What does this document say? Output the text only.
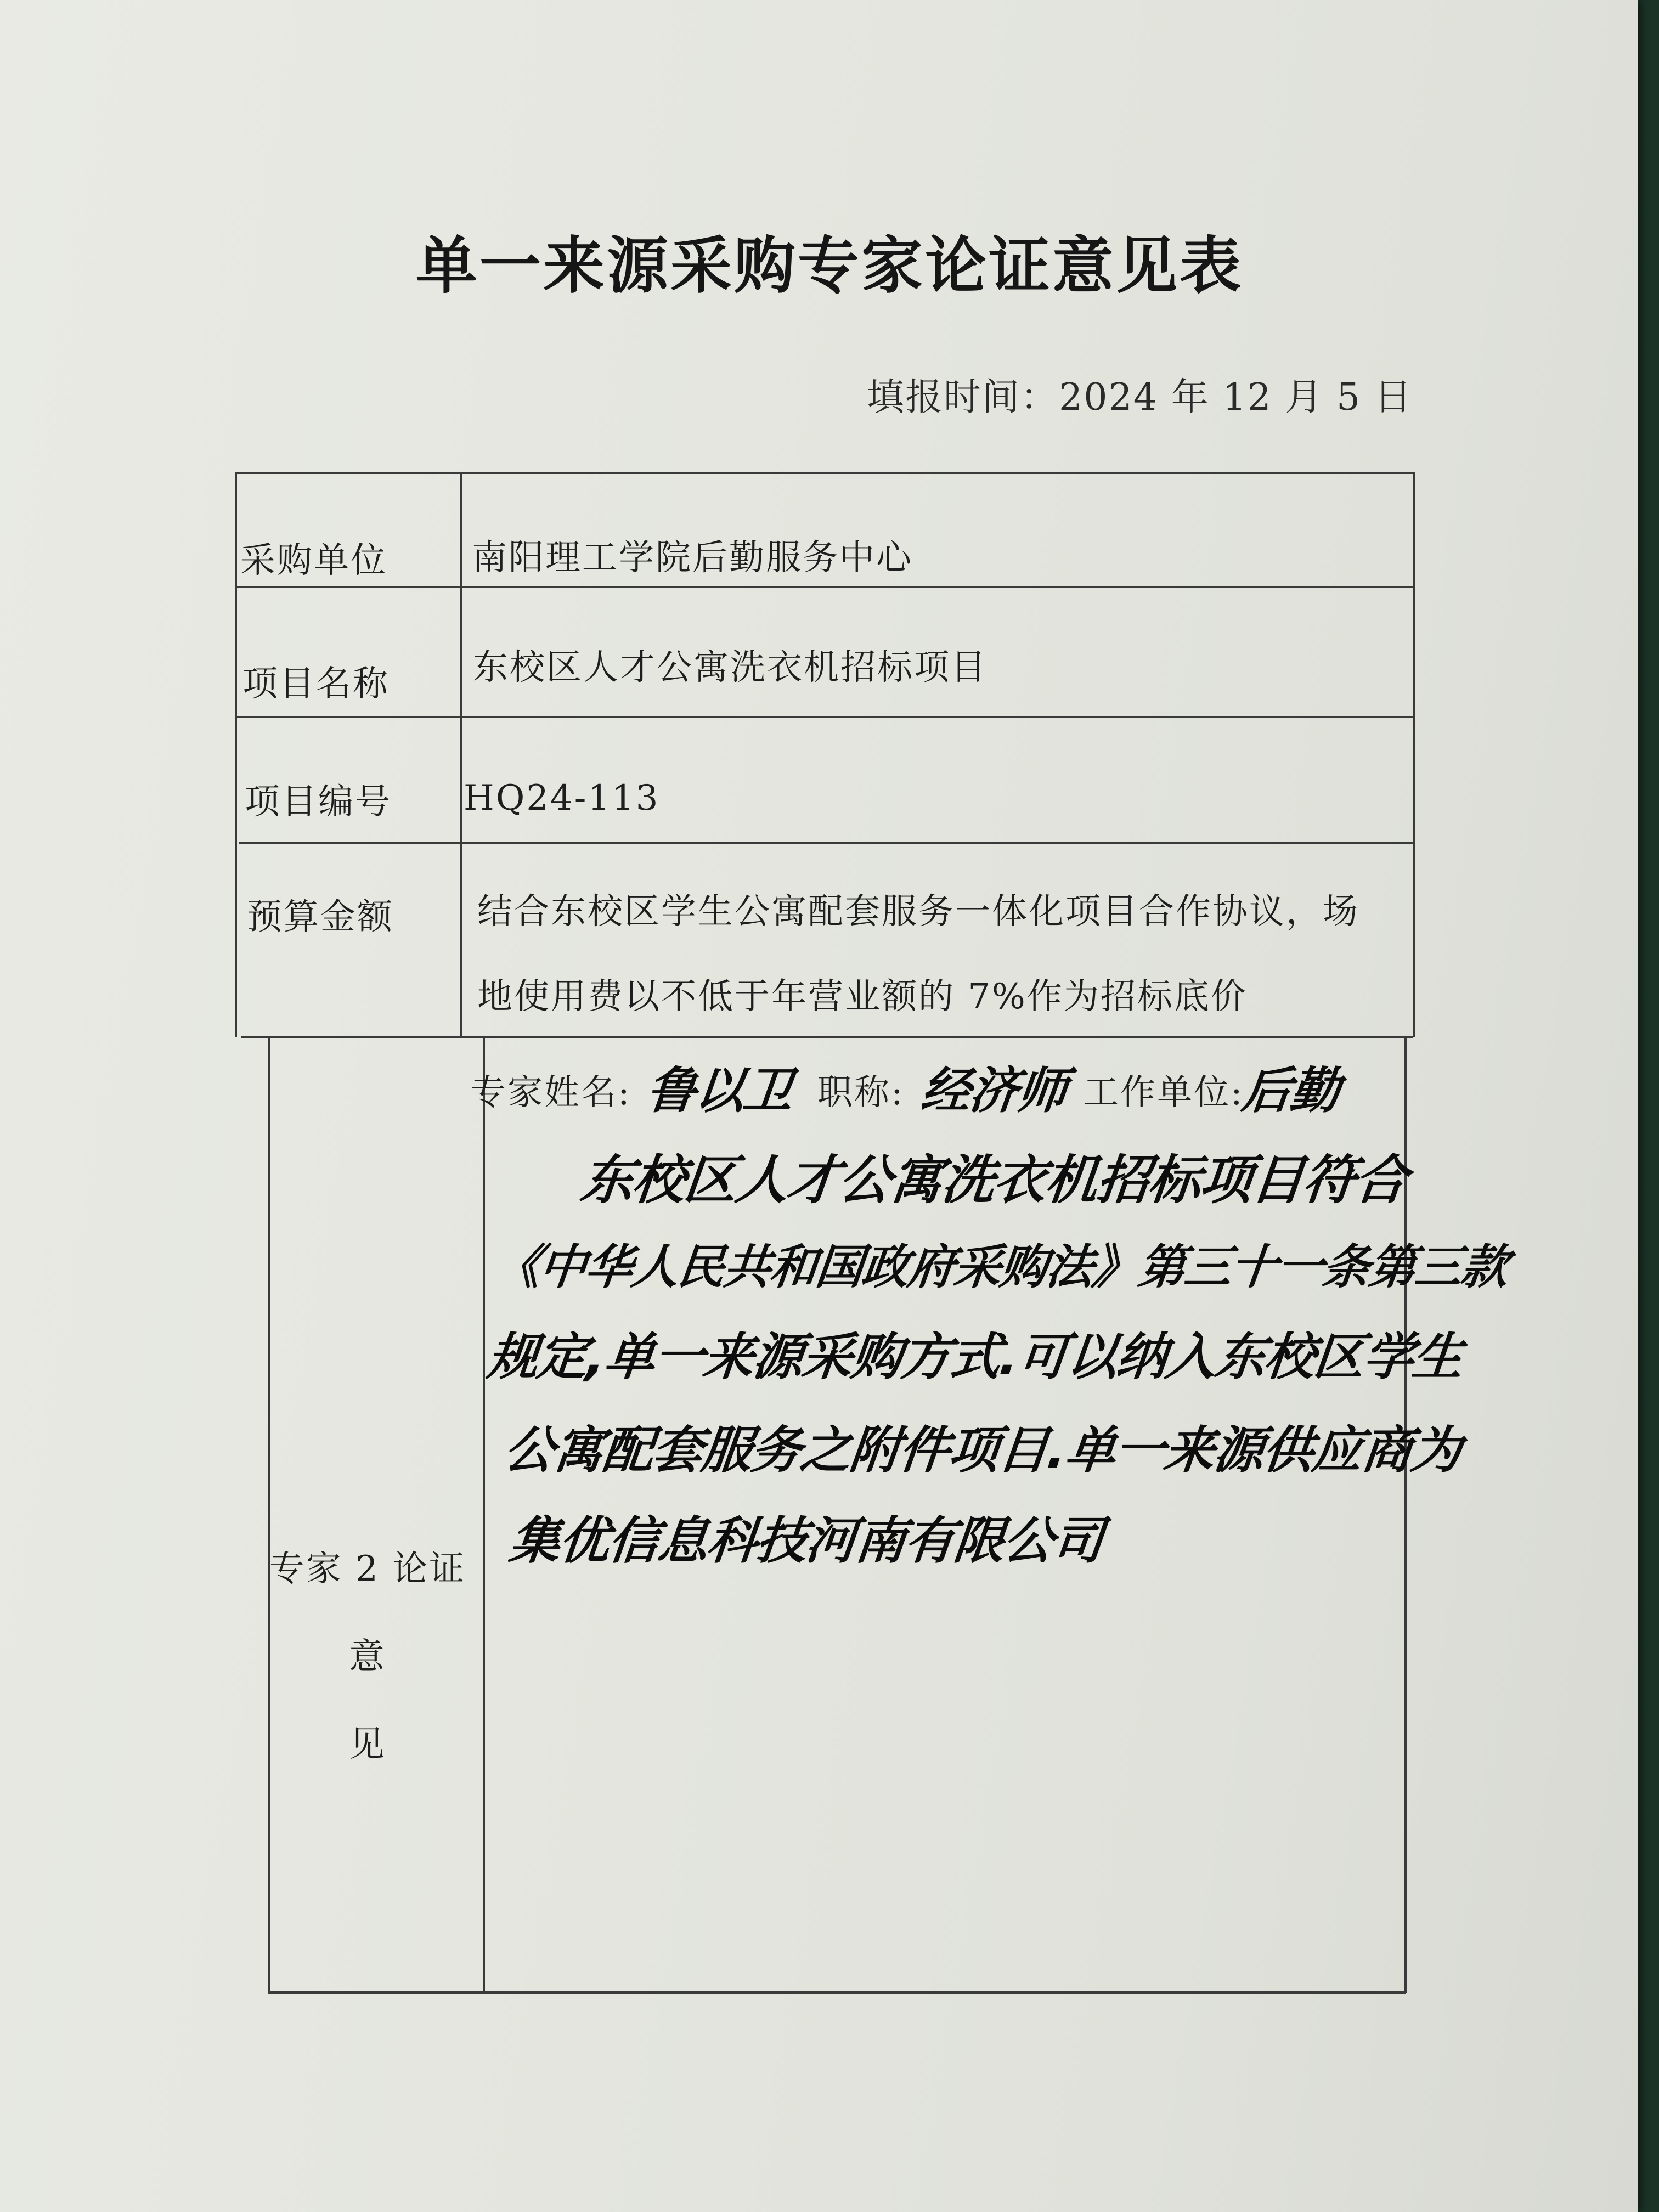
单一来源采购专家论证意见表
填报时间：2024 年 12 月 5 日
采购单位 南阳理工学院后勤服务中心
项目名称 东校区人才公寓洗衣机招标项目
项目编号 HQ24-113
预算金额 结合东校区学生公寓配套服务一体化项目合作协议，场
地使用费以不低于年营业额的 7%作为招标底价
专家 2 论证意
见
专家姓名: 鲁以卫 职称: 经济师 工作单位:
后勤
东校区人才公寓洗衣机招标项目符合
《中华人民共和国政府采购法》第三十一条第三款
规定,单一来源采购方式.可以纳入东校区学生
公寓配套服务之附件项目.单一来源供应商为
集优信息科技河南有限公司
